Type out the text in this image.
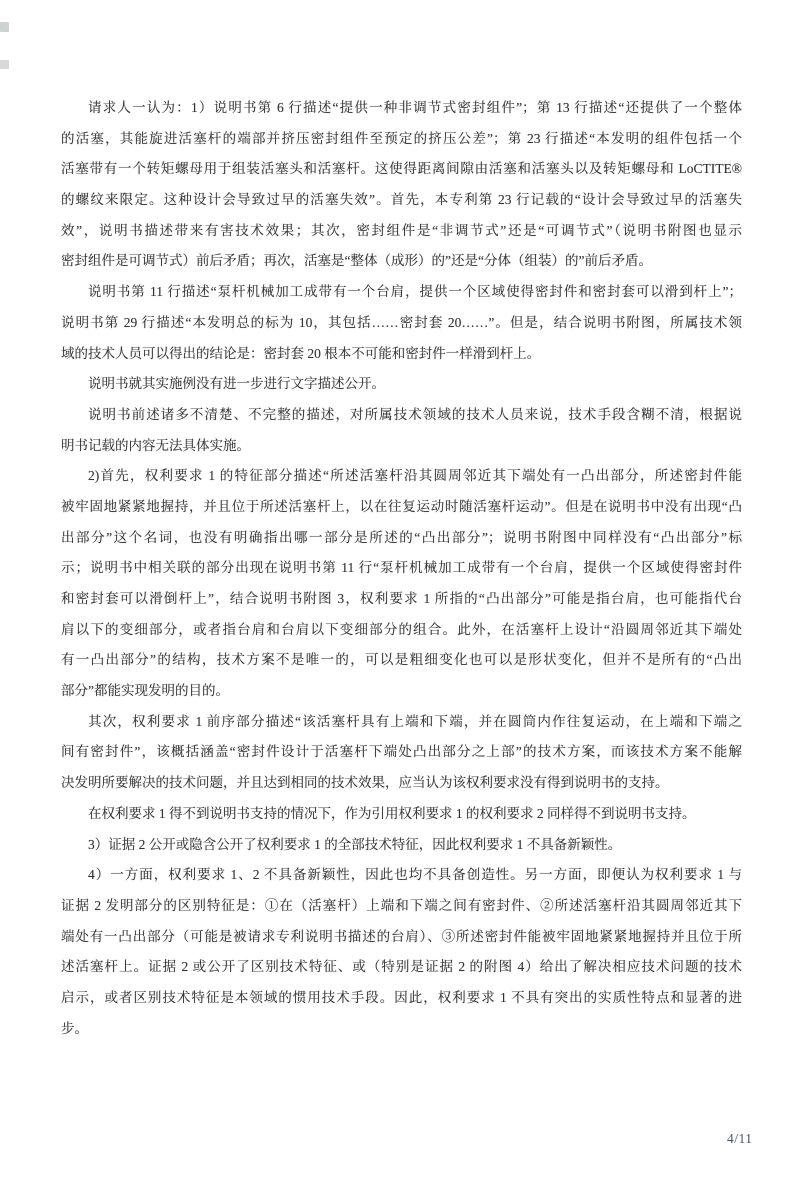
请求人一认为：1）说明书第 6 行描述“提供一种非调节式密封组件”；第 13 行描述“还提供了一个整体
的活塞，其能旋进活塞杆的端部并挤压密封组件至预定的挤压公差”；第 23 行描述“本发明的组件包括一个
活塞带有一个转矩螺母用于组装活塞头和活塞杆。这使得距离间隙由活塞和活塞头以及转矩螺母和 LoCTITE®
的螺纹来限定。这种设计会导致过早的活塞失效”。首先，本专利第 23 行记载的“设计会导致过早的活塞失
效”，说明书描述带来有害技术效果；其次，密封组件是“非调节式”还是“可调节式”（说明书附图也显示
密封组件是可调节式）前后矛盾；再次，活塞是“整体（成形）的”还是“分体（组装）的”前后矛盾。
说明书第 11 行描述“泵杆机械加工成带有一个台肩，提供一个区域使得密封件和密封套可以滑到杆上”；
说明书第 29 行描述“本发明总的标为 10，其包括……密封套 20……”。但是，结合说明书附图，所属技术领
域的技术人员可以得出的结论是：密封套 20 根本不可能和密封件一样滑到杆上。
说明书就其实施例没有进一步进行文字描述公开。
说明书前述诸多不清楚、不完整的描述，对所属技术领域的技术人员来说，技术手段含糊不清，根据说
明书记载的内容无法具体实施。
2)首先，权利要求 1 的特征部分描述“所述活塞杆沿其圆周邻近其下端处有一凸出部分，所述密封件能
被牢固地紧紧地握持，并且位于所述活塞杆上，以在往复运动时随活塞杆运动”。但是在说明书中没有出现“凸
出部分”这个名词，也没有明确指出哪一部分是所述的“凸出部分”；说明书附图中同样没有“凸出部分”标
示；说明书中相关联的部分出现在说明书第 11 行“泵杆机械加工成带有一个台肩，提供一个区域使得密封件
和密封套可以滑倒杆上”，结合说明书附图 3，权利要求 1 所指的“凸出部分”可能是指台肩，也可能指代台
肩以下的变细部分，或者指台肩和台肩以下变细部分的组合。此外，在活塞杆上设计“沿圆周邻近其下端处
有一凸出部分”的结构，技术方案不是唯一的，可以是粗细变化也可以是形状变化，但并不是所有的“凸出
部分”都能实现发明的目的。
其次，权利要求 1 前序部分描述“该活塞杆具有上端和下端，并在圆筒内作往复运动，在上端和下端之
间有密封件”，该概括涵盖“密封件设计于活塞杆下端处凸出部分之上部”的技术方案，而该技术方案不能解
决发明所要解决的技术问题，并且达到相同的技术效果，应当认为该权利要求没有得到说明书的支持。
在权利要求 1 得不到说明书支持的情况下，作为引用权利要求 1 的权利要求 2 同样得不到说明书支持。
3）证据 2 公开或隐含公开了权利要求 1 的全部技术特征，因此权利要求 1 不具备新颖性。
4）一方面，权利要求 1、2 不具备新颖性，因此也均不具备创造性。另一方面，即便认为权利要求 1 与
证据 2 发明部分的区别特征是：①在（活塞杆）上端和下端之间有密封件、②所述活塞杆沿其圆周邻近其下
端处有一凸出部分（可能是被请求专利说明书描述的台肩）、③所述密封件能被牢固地紧紧地握持并且位于所
述活塞杆上。证据 2 或公开了区别技术特征、或（特别是证据 2 的附图 4）给出了解决相应技术问题的技术
启示，或者区别技术特征是本领域的惯用技术手段。因此，权利要求 1 不具有突出的实质性特点和显著的进
步。
4/11
